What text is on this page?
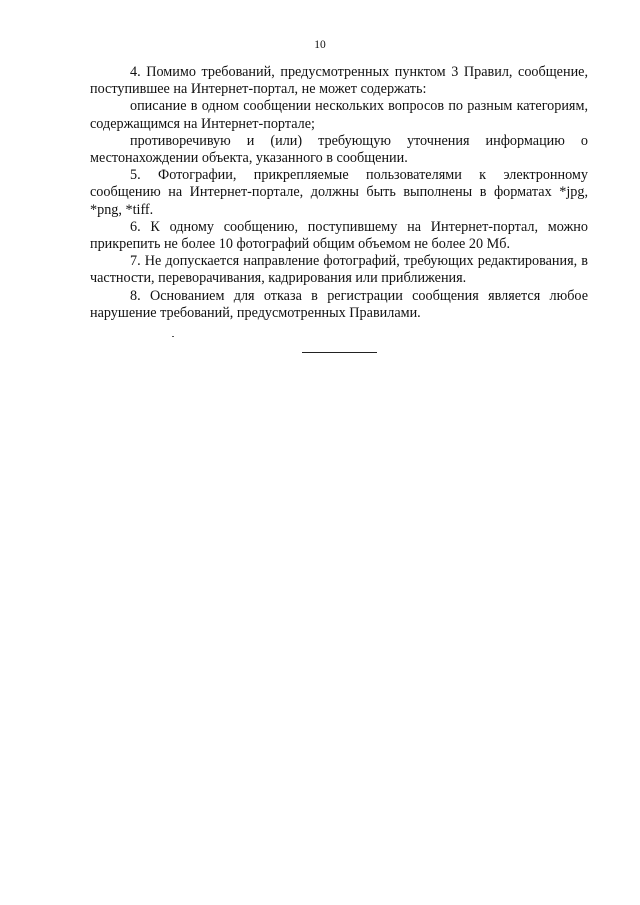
10

4. Помимо требований, предусмотренных пунктом 3 Правил, сообщение, поступившее на Интернет-портал, не может содержать:

описание в одном сообщении нескольких вопросов по разным категориям, содержащимся на Интернет-портале;

противоречивую и (или) требующую уточнения информацию о местонахождении объекта, указанного в сообщении.

5. Фотографии, прикрепляемые пользователями к электронному сообщению на Интернет-портале, должны быть выполнены в форматах *jpg, *png, *tiff.

6. К одному сообщению, поступившему на Интернет-портал, можно прикрепить не более 10 фотографий общим объемом не более 20 Мб.

7. Не допускается направление фотографий, требующих редактирования, в частности, переворачивания, кадрирования или приближения.

8. Основанием для отказа в регистрации сообщения является любое нарушение требований, предусмотренных Правилами.
